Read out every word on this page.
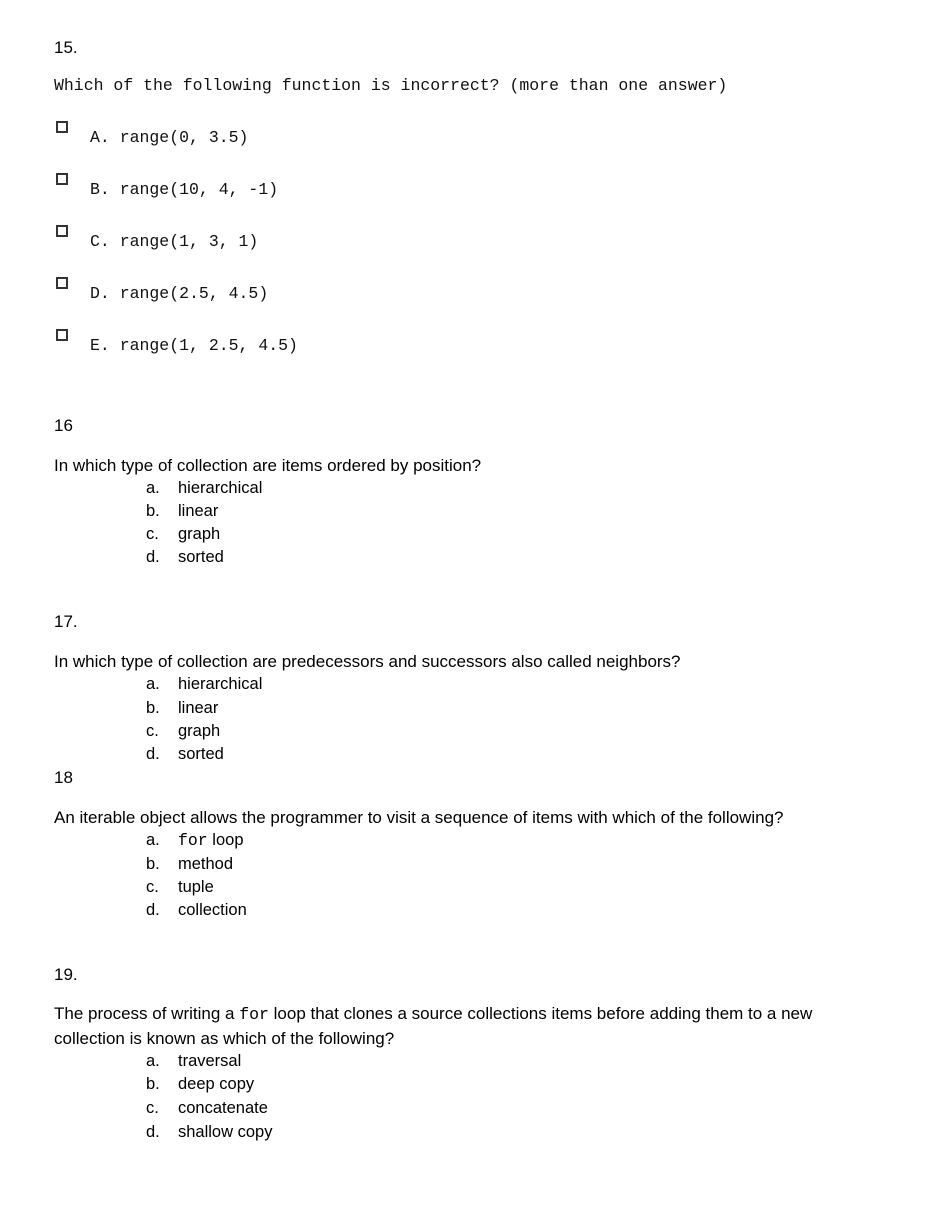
15.
Which of the following function is incorrect? (more than one answer)
A. range(0, 3.5)
B. range(10, 4, -1)
C. range(1, 3, 1)
D. range(2.5, 4.5)
E. range(1, 2.5, 4.5)
16
In which type of collection are items ordered by position?
a. hierarchical
b. linear
c. graph
d. sorted
17.
In which type of collection are predecessors and successors also called neighbors?
a. hierarchical
b. linear
c. graph
d. sorted
18
An iterable object allows the programmer to visit a sequence of items with which of the following?
a. for loop
b. method
c. tuple
d. collection
19.
The process of writing a for loop that clones a source collections items before adding them to a new collection is known as which of the following?
a. traversal
b. deep copy
c. concatenate
d. shallow copy
